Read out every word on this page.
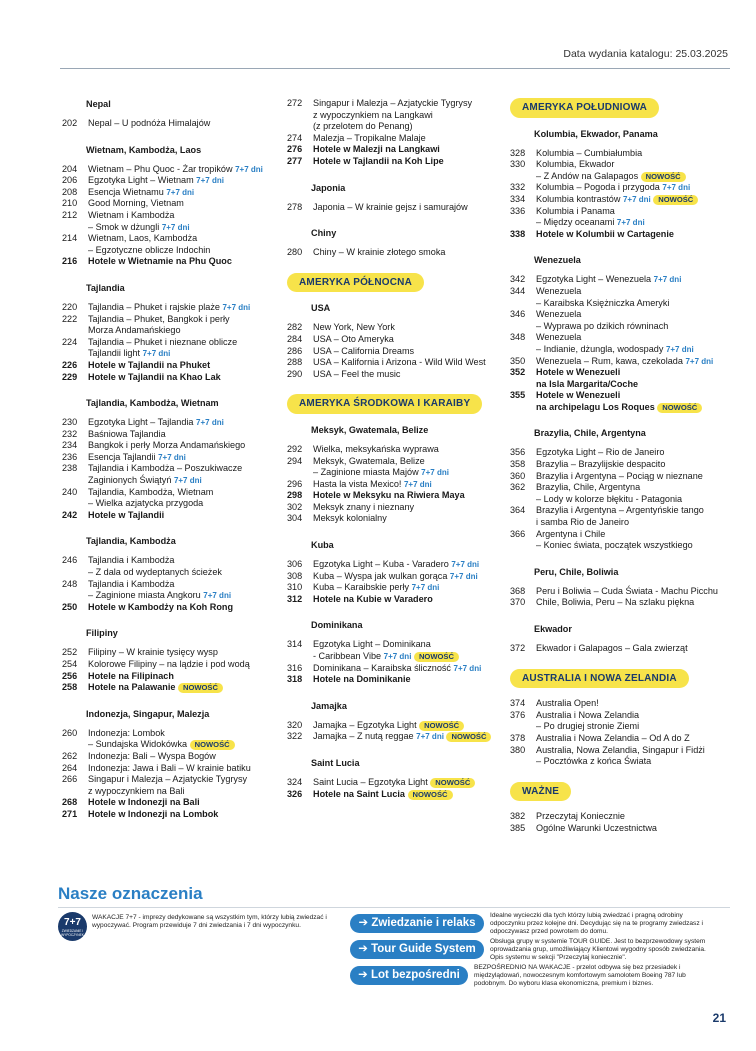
Data wydania katalogu: 25.03.2025
Nepal
202	Nepal – U podnóża Himalajów
Wietnam, Kambodża, Laos
204	Wietnam – Phu Quoc - Żar tropików 7+7 dni
206	Egzotyka Light – Wietnam 7+7 dni
208	Esencja Wietnamu 7+7 dni
210	Good Morning, Vietnam
212	Wietnam i Kambodża
– Smok w dżungli 7+7 dni
214	Wietnam, Laos, Kambodża
– Egzotyczne oblicze Indochin
216	Hotele w Wietnamie na Phu Quoc
Tajlandia
220	Tajlandia – Phuket i rajskie plaże 7+7 dni
222	Tajlandia – Phuket, Bangkok i perły
Morza Andamańskiego
224	Tajlandia – Phuket i nieznane oblicze
Tajlandii light 7+7 dni
226	Hotele w Tajlandii na Phuket
229	Hotele w Tajlandii na Khao Lak
Tajlandia, Kambodża, Wietnam
230	Egzotyka Light – Tajlandia 7+7 dni
232	Baśniowa Tajlandia
234	Bangkok i perły Morza Andamańskiego
236	Esencja Tajlandii 7+7 dni
238	Tajlandia i Kambodża – Poszukiwacze
Zaginionych Świątyń 7+7 dni
240	Tajlandia, Kambodża, Wietnam
– Wielka azjatycka przygoda
242	Hotele w Tajlandii
Tajlandia, Kambodża
246	Tajlandia i Kambodża
– Z dala od wydeptanych ścieżek
248	Tajlandia i Kambodża
– Zaginione miasta Angkoru 7+7 dni
250	Hotele w Kambodży na Koh Rong
Filipiny
252	Filipiny – W krainie tysięcy wysp
254	Kolorowe Filipiny – na lądzie i pod wodą
256	Hotele na Filipinach
258	Hotele na Palawanie NOWOŚĆ
Indonezja, Singapur, Malezja
260	Indonezja: Lombok
– Sundajska Widokówka NOWOŚĆ
262	Indonezja: Bali – Wyspa Bogów
264	Indonezja: Jawa i Bali – W krainie batiku
266	Singapur i Malezja – Azjatyckie Tygrysy
z wypoczynkiem na Bali
268	Hotele w Indonezji na Bali
271	Hotele w Indonezji na Lombok
272	Singapur i Malezja – Azjatyckie Tygrysy
z wypoczynkiem na Langkawi
(z przelotem do Penang)
274	Malezja – Tropikalne Malaje
276	Hotele w Malezji na Langkawi
277	Hotele w Tajlandii na Koh Lipe
Japonia
278	Japonia – W krainie gejsz i samurajów
Chiny
280	Chiny – W krainie złotego smoka
AMERYKA PÓŁNOCNA
USA
282	New York, New York
284	USA – Oto Ameryka
286	USA – California Dreams
288	USA – Kalifornia i Arizona - Wild Wild West
290	USA – Feel the music
AMERYKA ŚRODKOWA I KARAIBY
Meksyk, Gwatemala, Belize
292	Wielka, meksykańska wyprawa
294	Meksyk, Gwatemala, Belize
– Zaginione miasta Majów 7+7 dni
296	Hasta la vista Mexico! 7+7 dni
298	Hotele w Meksyku na Riwiera Maya
302	Meksyk znany i nieznany
304	Meksyk kolonialny
Kuba
306	Egzotyka Light – Kuba - Varadero 7+7 dni
308	Kuba – Wyspa jak wulkan gorąca 7+7 dni
310	Kuba – Karaibskie perły 7+7 dni
312	Hotele na Kubie w Varadero
Dominikana
314	Egzotyka Light – Dominikana
- Caribbean Vibe 7+7 dni NOWOŚĆ
316	Dominikana – Karaibska śliczność 7+7 dni
318	Hotele na Dominikanie
Jamajka
320	Jamajka – Egzotyka Light NOWOŚĆ
322	Jamajka – Z nutą reggae 7+7 dni NOWOŚĆ
Saint Lucia
324	Saint Lucia – Egzotyka Light NOWOŚĆ
326	Hotele na Saint Lucia NOWOŚĆ
AMERYKA POŁUDNIOWA
Kolumbia, Ekwador, Panama
328	Kolumbia – Cumbiałumbia
330	Kolumbia, Ekwador
– Z Andów na Galapagos NOWOŚĆ
332	Kolumbia – Pogoda i przygoda 7+7 dni
334	Kolumbia kontrastów 7+7 dni NOWOŚĆ
336	Kolumbia i Panama
– Między oceanami 7+7 dni
338	Hotele w Kolumbii w Cartagenie
Wenezuela
342	Egzotyka Light – Wenezuela 7+7 dni
344	Wenezuela
– Karaibska Księżniczka Ameryki
346	Wenezuela
– Wyprawa po dzikich równinach
348	Wenezuela
– Indianie, dżungla, wodospady 7+7 dni
350	Wenezuela – Rum, kawa, czekolada 7+7 dni
352	Hotele w Wenezueli
na Isla Margarita/Coche
355	Hotele w Wenezueli
na archipelagu Los Roques NOWOŚĆ
Brazylia, Chile, Argentyna
356	Egzotyka Light – Rio de Janeiro
358	Brazylia – Brazylijskie despacito
360	Brazylia i Argentyna – Pociąg w nieznane
362	Brazylia, Chile, Argentyna
– Lody w kolorze błękitu - Patagonia
364	Brazylia i Argentyna – Argentyńskie tango
i samba Rio de Janeiro
366	Argentyna i Chile
– Koniec świata, początek wszystkiego
Peru, Chile, Boliwia
368	Peru i Boliwia – Cuda Świata - Machu Picchu
370	Chile, Boliwia, Peru – Na szlaku piękna
Ekwador
372	Ekwador i Galapagos – Gala zwierząt
AUSTRALIA I NOWA ZELANDIA
374	Australia Open!
376	Australia i Nowa Zelandia
– Po drugiej stronie Ziemi
378	Australia i Nowa Zelandia – Od A do Z
380	Australia, Nowa Zelandia, Singapur i Fidżi
– Pocztówka z końca Świata
WAŻNE
382	Przeczytaj Koniecznie
385	Ogólne Warunki Uczestnictwa
Nasze oznaczenia
7+7
ZWIEDZANIE I WYPOCZYNEK
WAKACJE 7+7 - imprezy dedykowane są wszystkim tym, którzy lubią zwiedzać i wypoczywać. Program przewiduje 7 dni zwiedzania i 7 dni wypoczynku.	➔ Zwiedzanie i relaks
Idealne wycieczki dla tych którzy lubią zwiedzać i pragną odrobiny odpoczynku przez kolejne dni. Decydując się na te programy zwiedzasz i odpoczywasz przed powrotem do domu.
➔ Tour Guide System
Obsługa grupy w systemie TOUR GUIDE. Jest to bezprzewodowy system oprowadzania grup, umożliwiający Klientowi wygodny sposób zwiedzania. Opis systemu w sekcji "Przeczytaj koniecznie".
➔ Lot bezpośredni
BEZPOŚREDNIO NA WAKACJE - przelot odbywa się bez przesiadek i międzylądowań, nowoczesnym komfortowym samolotem Boeing 787 lub podobnym. Do wyboru klasa ekonomiczna, premium i biznes.
21
